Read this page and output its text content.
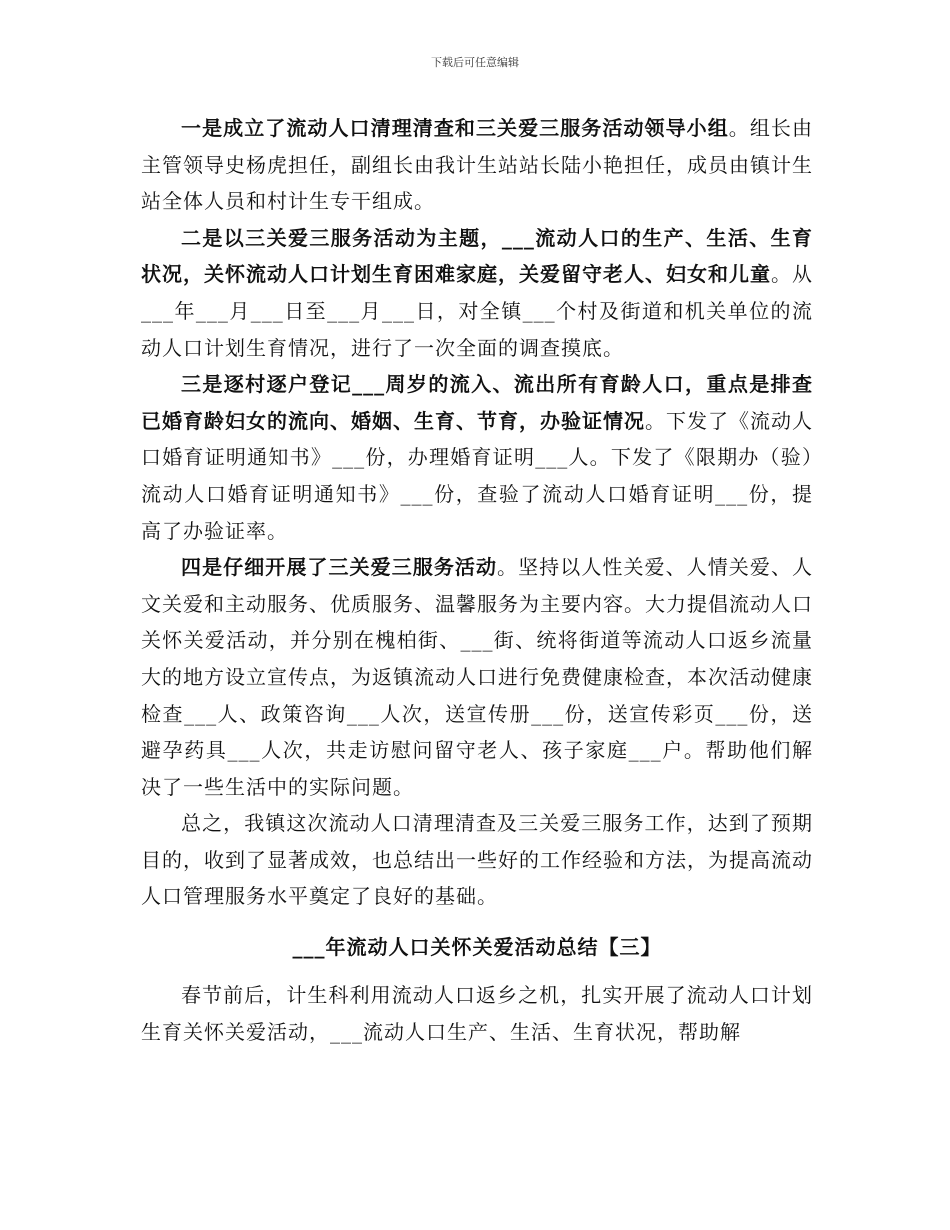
下载后可任意编辑

一是成立了流动人口清理清查和三关爱三服务活动领导小组。组长由主管领导史杨虎担任，副组长由我计生站站长陆小艳担任，成员由镇计生站全体人员和村计生专干组成。

二是以三关爱三服务活动为主题，___流动人口的生产、生活、生育状况，关怀流动人口计划生育困难家庭，关爱留守老人、妇女和儿童。从___年___月___日至___月___日，对全镇___个村及街道和机关单位的流动人口计划生育情况，进行了一次全面的调查摸底。

三是逐村逐户登记___周岁的流入、流出所有育龄人口，重点是排查已婚育龄妇女的流向、婚姻、生育、节育，办验证情况。下发了《流动人口婚育证明通知书》___份，办理婚育证明___人。下发了《限期办（验）流动人口婚育证明通知书》___份，查验了流动人口婚育证明___份，提高了办验证率。

四是仔细开展了三关爱三服务活动。坚持以人性关爱、人情关爱、人文关爱和主动服务、优质服务、温馨服务为主要内容。大力提倡流动人口关怀关爱活动，并分别在槐柏街、___街、统将街道等流动人口返乡流量大的地方设立宣传点，为返镇流动人口进行免费健康检查，本次活动健康检查___人、政策咨询___人次，送宣传册___份，送宣传彩页___份，送避孕药具___人次，共走访慰问留守老人、孩子家庭___户。帮助他们解决了一些生活中的实际问题。

总之，我镇这次流动人口清理清查及三关爱三服务工作，达到了预期目的，收到了显著成效，也总结出一些好的工作经验和方法，为提高流动人口管理服务水平奠定了良好的基础。

___年流动人口关怀关爱活动总结【三】

春节前后，计生科利用流动人口返乡之机，扎实开展了流动人口计划生育关怀关爱活动，___流动人口生产、生活、生育状况，帮助解
